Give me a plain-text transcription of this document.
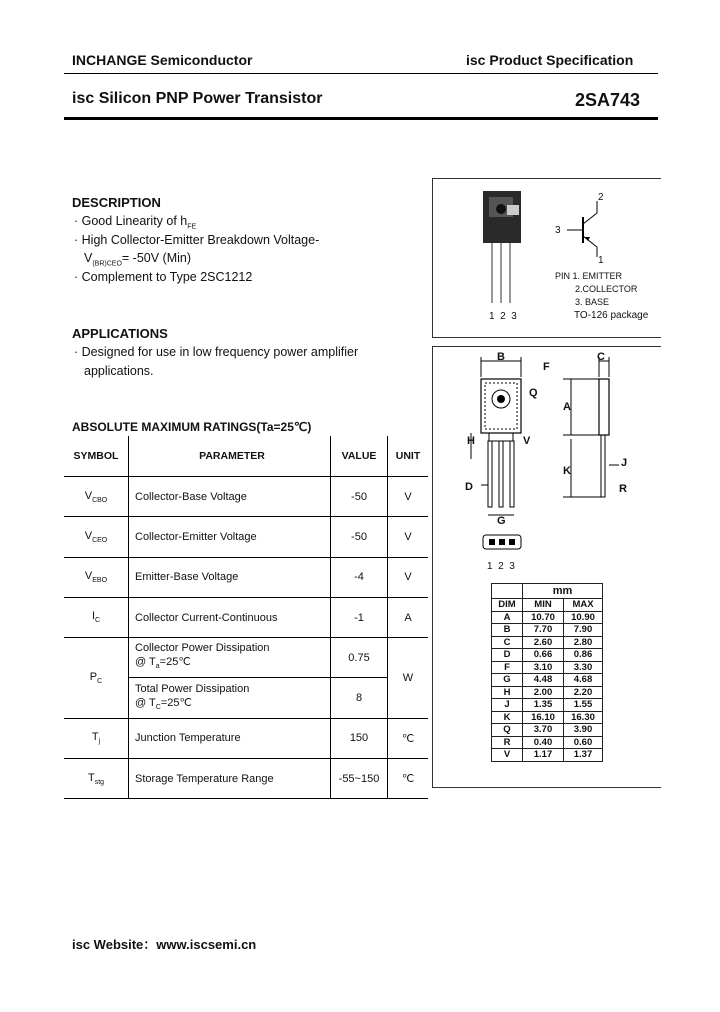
INCHANGE Semiconductor	isc Product Specification
isc Silicon PNP Power Transistor	2SA743
DESCRIPTION
· Good Linearity of $h_{FE}$
· High Collector-Emitter Breakdown Voltage-
$V_{(BR)CEO}= -50V$ (Min)
· Complement to Type 2SC1212
APPLICATIONS
· Designed for use in low frequency power amplifier
applications.
ABSOLUTE MAXIMUM RATINGS(Ta=25℃)
SYMBOL	PARAMETER	VALUE	UNIT
$V_{CBO}$	Collector-Base Voltage	-50	V
$V_{CEO}$	Collector-Emitter Voltage	-50	V
$V_{EBO}$	Emitter-Base Voltage	-4	V
$I_C$	Collector Current-Continuous	-1	A
$P_C$	Collector Power Dissipation
@ $T_a=25℃$	0.75	W
	Total Power Dissipation
@ $T_C=25℃$	8	
$T_j$	Junction Temperature	150	℃
$T_{stg}$	Storage Temperature Range	-55~150	℃
2
3
1
PIN 1. EMITTER
2.COLLECTOR
3. BASE
TO-126 package
1  2  3
B	C
F
Q
A
H	V
K
J
D	R
G
1  2  3
	mm	
DIM	MIN	MAX
A	10.70	10.90
B	7.70	7.90
C	2.60	2.80
D	0.66	0.86
F	3.10	3.30
G	4.48	4.68
H	2.00	2.20
J	1.35	1.55
K	16.10	16.30
Q	3.70	3.90
R	0.40	0.60
V	1.17	1.37
isc Website：www.iscsemi.cn
